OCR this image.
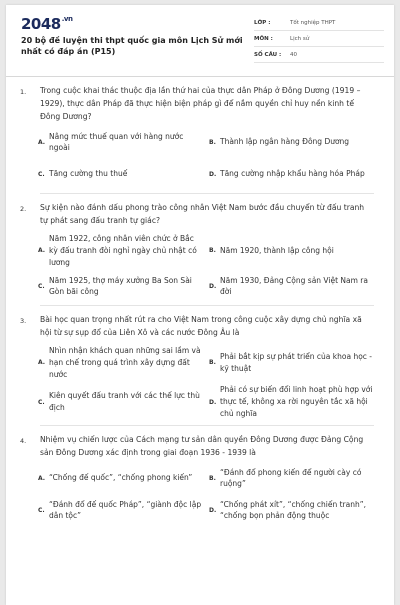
$2048^{.vn}$
20 bộ đề luyện thi thpt quốc gia môn Lịch Sử mới nhất có đáp án (P15)
LỚP :	Tốt nghiệp THPT
MÔN :	Lịch sử
SỐ CÂU :	40
1. Trong cuộc khai thác thuộc địa lần thứ hai của thực dân Pháp ở Đông Dương (1919 – 1929), thực dân Pháp đã thực hiện biện pháp gì để nắm quyền chỉ huy nền kinh tế Đông Dương?
A.
Nâng mức thuế quan với hàng nước ngoài
B. Thành lập ngân hàng Đông Dương
C. Tăng cường thu thuế	D. Tăng cường nhập khẩu hàng hóa Pháp
2. Sự kiện nào đánh dấu phong trào công nhân Việt Nam bước đầu chuyển từ đấu tranh tự phát sang đấu tranh tự giác?
A.
Năm 1922, công nhân viên chức ở Bắc kỳ đấu tranh đòi nghỉ ngày chủ nhật có lương
B. Năm 1920, thành lập công hội
C.
Năm 1925, thợ máy xưởng Ba Son Sài Gòn bãi công
D.
Năm 1930, Đảng Cộng sản Việt Nam ra đời
3. Bài học quan trọng nhất rút ra cho Việt Nam trong công cuộc xây dựng chủ nghĩa xã hội từ sự sụp đổ của Liên Xô và các nước Đông Âu là
A.
Nhìn nhận khách quan những sai lầm và hạn chế trong quá trình xây dựng đất nước
B.
Phải bắt kịp sự phát triển của khoa học - kỹ thuật
C.
Kiên quyết đấu tranh với các thế lực thù địch
D.
Phải có sự biến đổi linh hoạt phù hợp với thực tế, không xa rời nguyên tắc xã hội chủ nghĩa
4. Nhiệm vụ chiến lược của Cách mạng tư sản dân quyền Đông Dương được Đảng Cộng sản Đông Dương xác định trong giai đoạn 1936 - 1939 là
A. “Chống đế quốc”, “chống phong kiến”	B.
“Đánh đổ phong kiến để người cày có ruộng”
C.
“Đánh đổ đế quốc Pháp”, “giành độc lập dân tộc”
D.
“Chống phát xít”, “chống chiến tranh”, “chống bọn phản động thuộc
